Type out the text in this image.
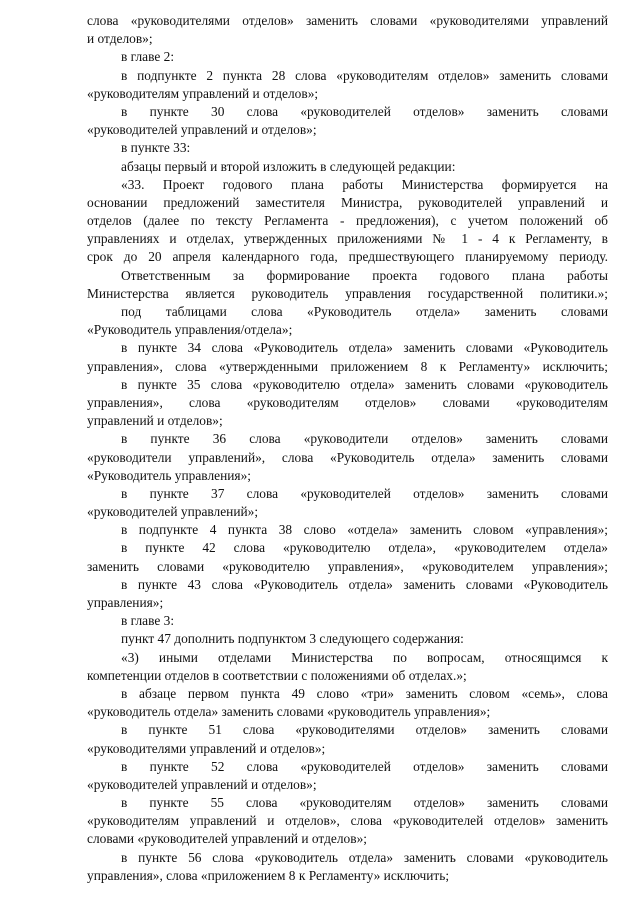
слова «руководителями отделов» заменить словами «руководителями управлений
и отделов»;
в главе 2:
в подпункте 2 пункта 28 слова «руководителям отделов» заменить словами
«руководителям управлений и отделов»;
в пункте 30 слова «руководителей отделов» заменить словами
«руководителей управлений и отделов»;
в пункте 33:
абзацы первый и второй изложить в следующей редакции:
«33. Проект годового плана работы Министерства формируется на
основании предложений заместителя Министра, руководителей управлений и
отделов (далее по тексту Регламента - предложения), с учетом положений об
управлениях и отделах, утвержденных приложениями № 1 - 4 к Регламенту, в
срок до 20 апреля календарного года, предшествующего планируемому периоду.
Ответственным за формирование проекта годового плана работы
Министерства является руководитель управления государственной политики.»;
под таблицами слова «Руководитель отдела» заменить словами
«Руководитель управления/отдела»;
в пункте 34 слова «Руководитель отдела» заменить словами «Руководитель
управления», слова «утвержденными приложением 8 к Регламенту» исключить;
в пункте 35 слова «руководителю отдела» заменить словами «руководитель
управления», слова «руководителям отделов» словами «руководителям
управлений и отделов»;
в пункте 36 слова «руководители отделов» заменить словами
«руководители управлений», слова «Руководитель отдела» заменить словами
«Руководитель управления»;
в пункте 37 слова «руководителей отделов» заменить словами
«руководителей управлений»;
в подпункте 4 пункта 38 слово «отдела» заменить словом «управления»;
в пункте 42 слова «руководителю отдела», «руководителем отдела»
заменить словами «руководителю управления», «руководителем управления»;
в пункте 43 слова «Руководитель отдела» заменить словами «Руководитель
управления»;
в главе 3:
пункт 47 дополнить подпунктом 3 следующего содержания:
«3) иными отделами Министерства по вопросам, относящимся к
компетенции отделов в соответствии с положениями об отделах.»;
в абзаце первом пункта 49 слово «три» заменить словом «семь», слова
«руководитель отдела» заменить словами «руководитель управления»;
в пункте 51 слова «руководителями отделов» заменить словами
«руководителями управлений и отделов»;
в пункте 52 слова «руководителей отделов» заменить словами
«руководителей управлений и отделов»;
в пункте 55 слова «руководителям отделов» заменить словами
«руководителям управлений и отделов», слова «руководителей отделов» заменить
словами «руководителей управлений и отделов»;
в пункте 56 слова «руководитель отдела» заменить словами «руководитель
управления», слова «приложением 8 к Регламенту» исключить;
